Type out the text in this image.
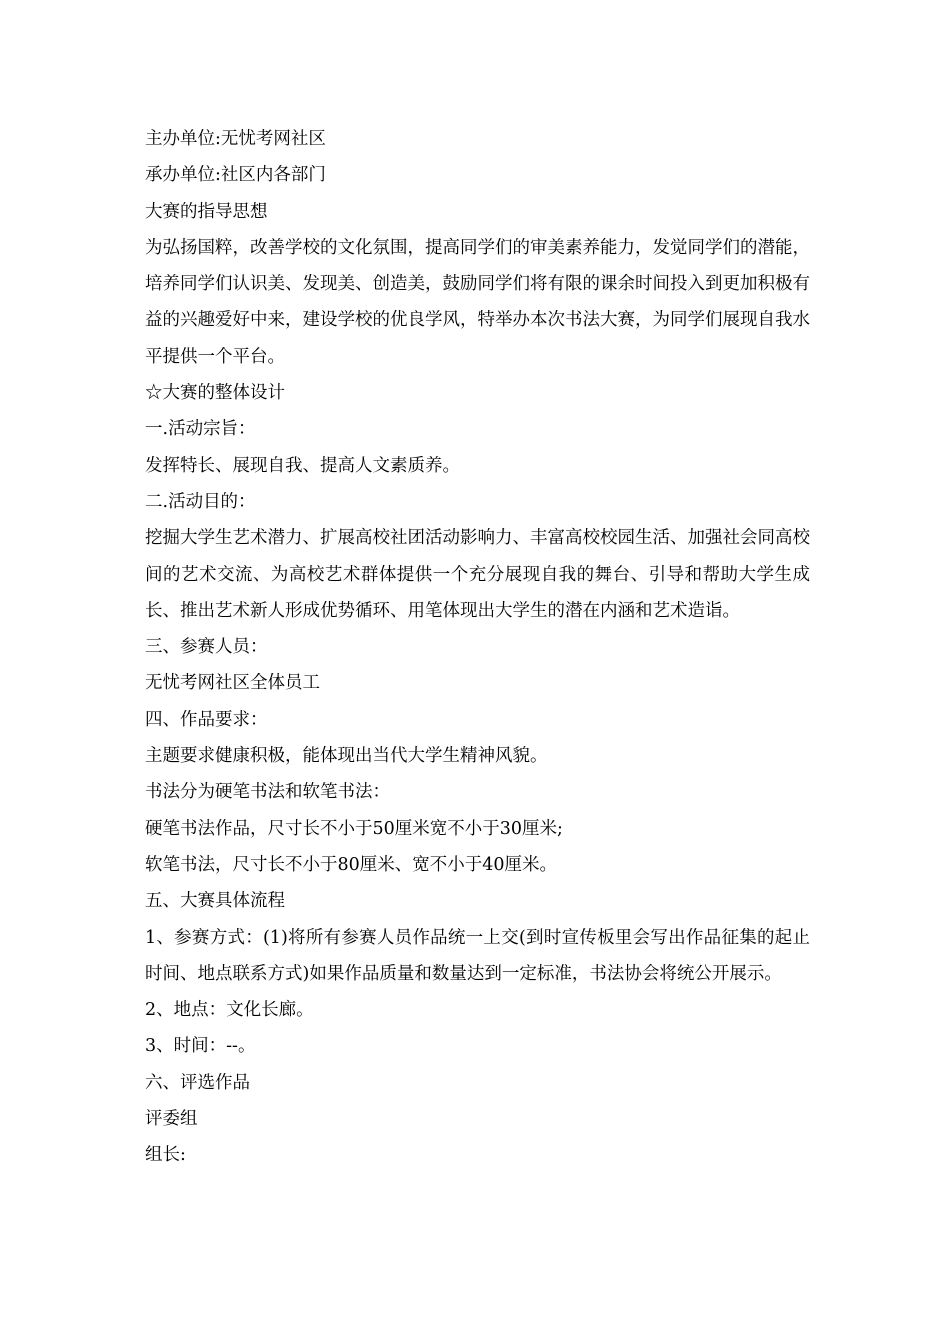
主办单位:无忧考网社区
承办单位:社区内各部门
大赛的指导思想
为弘扬国粹，改善学校的文化氛围，提高同学们的审美素养能力，发觉同学们的潜能，培养同学们认识美、发现美、创造美，鼓励同学们将有限的课余时间投入到更加积极有益的兴趣爱好中来，建设学校的优良学风，特举办本次书法大赛，为同学们展现自我水平提供一个平台。
☆大赛的整体设计
一.活动宗旨：
发挥特长、展现自我、提高人文素质养。
二.活动目的：
挖掘大学生艺术潜力、扩展高校社团活动影响力、丰富高校校园生活、加强社会同高校间的艺术交流、为高校艺术群体提供一个充分展现自我的舞台、引导和帮助大学生成长、推出艺术新人形成优势循环、用笔体现出大学生的潜在内涵和艺术造诣。
三、参赛人员：
无忧考网社区全体员工
四、作品要求：
主题要求健康积极，能体现出当代大学生精神风貌。
书法分为硬笔书法和软笔书法：
硬笔书法作品，尺寸长不小于50厘米宽不小于30厘米;
软笔书法，尺寸长不小于80厘米、宽不小于40厘米。
五、大赛具体流程
1、参赛方式：(1)将所有参赛人员作品统一上交(到时宣传板里会写出作品征集的起止时间、地点联系方式)如果作品质量和数量达到一定标准，书法协会将统公开展示。
2、地点：文化长廊。
3、时间：--。
六、评选作品
评委组
组长:
